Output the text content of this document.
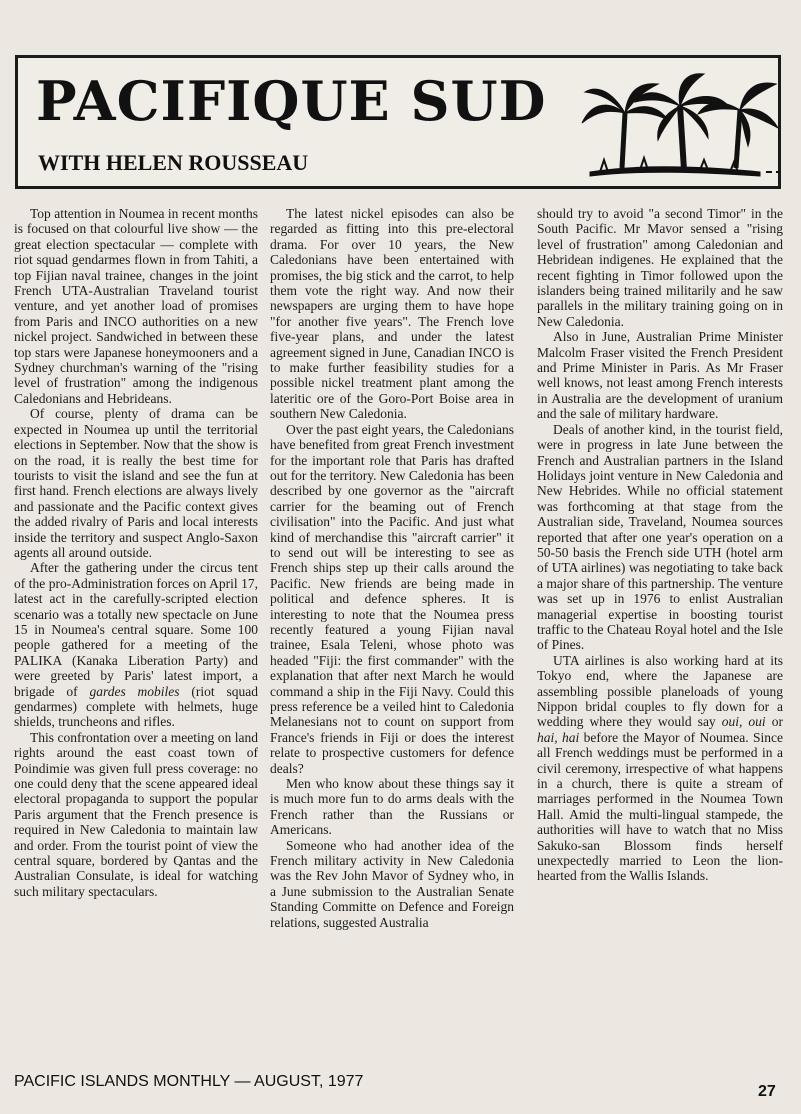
PACIFIQUE SUD
WITH HELEN ROUSSEAU

Top attention in Noumea in recent months is focused on that colourful live show — the great election spectacular — complete with riot squad gendarmes flown in from Tahiti, a top Fijian naval trainee, changes in the joint French UTA-Australian Traveland tourist venture, and yet another load of promises from Paris and INCO authorities on a new nickel project. Sandwiched in between these top stars were Japanese honeymooners and a Sydney churchman's warning of the "rising level of frustration" among the indigenous Caledonians and Hebrideans.

Of course, plenty of drama can be expected in Noumea up until the territorial elections in September. Now that the show is on the road, it is really the best time for tourists to visit the island and see the fun at first hand. French elections are always lively and passionate and the Pacific context gives the added rivalry of Paris and local interests inside the territory and suspect Anglo-Saxon agents all around outside.

After the gathering under the circus tent of the pro-Administration forces on April 17, latest act in the carefully-scripted election scenario was a totally new spectacle on June 15 in Noumea's central square. Some 100 people gathered for a meeting of the PALIKA (Kanaka Liberation Party) and were greeted by Paris' latest import, a brigade of gardes mobiles (riot squad gendarmes) complete with helmets, huge shields, truncheons and rifles.

This confrontation over a meeting on land rights around the east coast town of Poindimie was given full press coverage: no one could deny that the scene appeared ideal electoral propaganda to support the popular Paris argument that the French presence is required in New Caledonia to maintain law and order. From the tourist point of view the central square, bordered by Qantas and the Australian Consulate, is ideal for watching such military spectaculars.

The latest nickel episodes can also be regarded as fitting into this pre-electoral drama. For over 10 years, the New Caledonians have been entertained with promises, the big stick and the carrot, to help them vote the right way. And now their newspapers are urging them to have hope "for another five years". The French love five-year plans, and under the latest agreement signed in June, Canadian INCO is to make further feasibility studies for a possible nickel treatment plant among the lateritic ore of the Goro-Port Boise area in southern New Caledonia.

Over the past eight years, the Caledonians have benefited from great French investment for the important role that Paris has drafted out for the territory. New Caledonia has been described by one governor as the "aircraft carrier for the beaming out of French civilisation" into the Pacific. And just what kind of merchandise this "aircraft carrier" it to send out will be interesting to see as French ships step up their calls around the Pacific. New friends are being made in political and defence spheres. It is interesting to note that the Noumea press recently featured a young Fijian naval trainee, Esala Teleni, whose photo was headed "Fiji: the first commander" with the explanation that after next March he would command a ship in the Fiji Navy. Could this press reference be a veiled hint to Caledonia Melanesians not to count on support from France's friends in Fiji or does the interest relate to prospective customers for defence deals?

Men who know about these things say it is much more fun to do arms deals with the French rather than the Russians or Americans.

Someone who had another idea of the French military activity in New Caledonia was the Rev John Mavor of Sydney who, in a June submission to the Australian Senate Standing Committe on Defence and Foreign relations, suggested Australia

should try to avoid "a second Timor" in the South Pacific. Mr Mavor sensed a "rising level of frustration" among Caledonian and Hebridean indigenes. He explained that the recent fighting in Timor followed upon the islanders being trained militarily and he saw parallels in the military training going on in New Caledonia.

Also in June, Australian Prime Minister Malcolm Fraser visited the French President and Prime Minister in Paris. As Mr Fraser well knows, not least among French interests in Australia are the development of uranium and the sale of military hardware.

Deals of another kind, in the tourist field, were in progress in late June between the French and Australian partners in the Island Holidays joint venture in New Caledonia and New Hebrides. While no official statement was forthcoming at that stage from the Australian side, Traveland, Noumea sources reported that after one year's operation on a 50-50 basis the French side UTH (hotel arm of UTA airlines) was negotiating to take back a major share of this partnership. The venture was set up in 1976 to enlist Australian managerial expertise in boosting tourist traffic to the Chateau Royal hotel and the Isle of Pines.

UTA airlines is also working hard at its Tokyo end, where the Japanese are assembling possible planeloads of young Nippon bridal couples to fly down for a wedding where they would say oui, oui or hai, hai before the Mayor of Noumea. Since all French weddings must be performed in a civil ceremony, irrespective of what happens in a church, there is quite a stream of marriages performed in the Noumea Town Hall. Amid the multi-lingual stampede, the authorities will have to watch that no Miss Sakuko-san Blossom finds herself unexpectedly married to Leon the lion-hearted from the Wallis Islands.

PACIFIC ISLANDS MONTHLY — AUGUST, 1977
27
